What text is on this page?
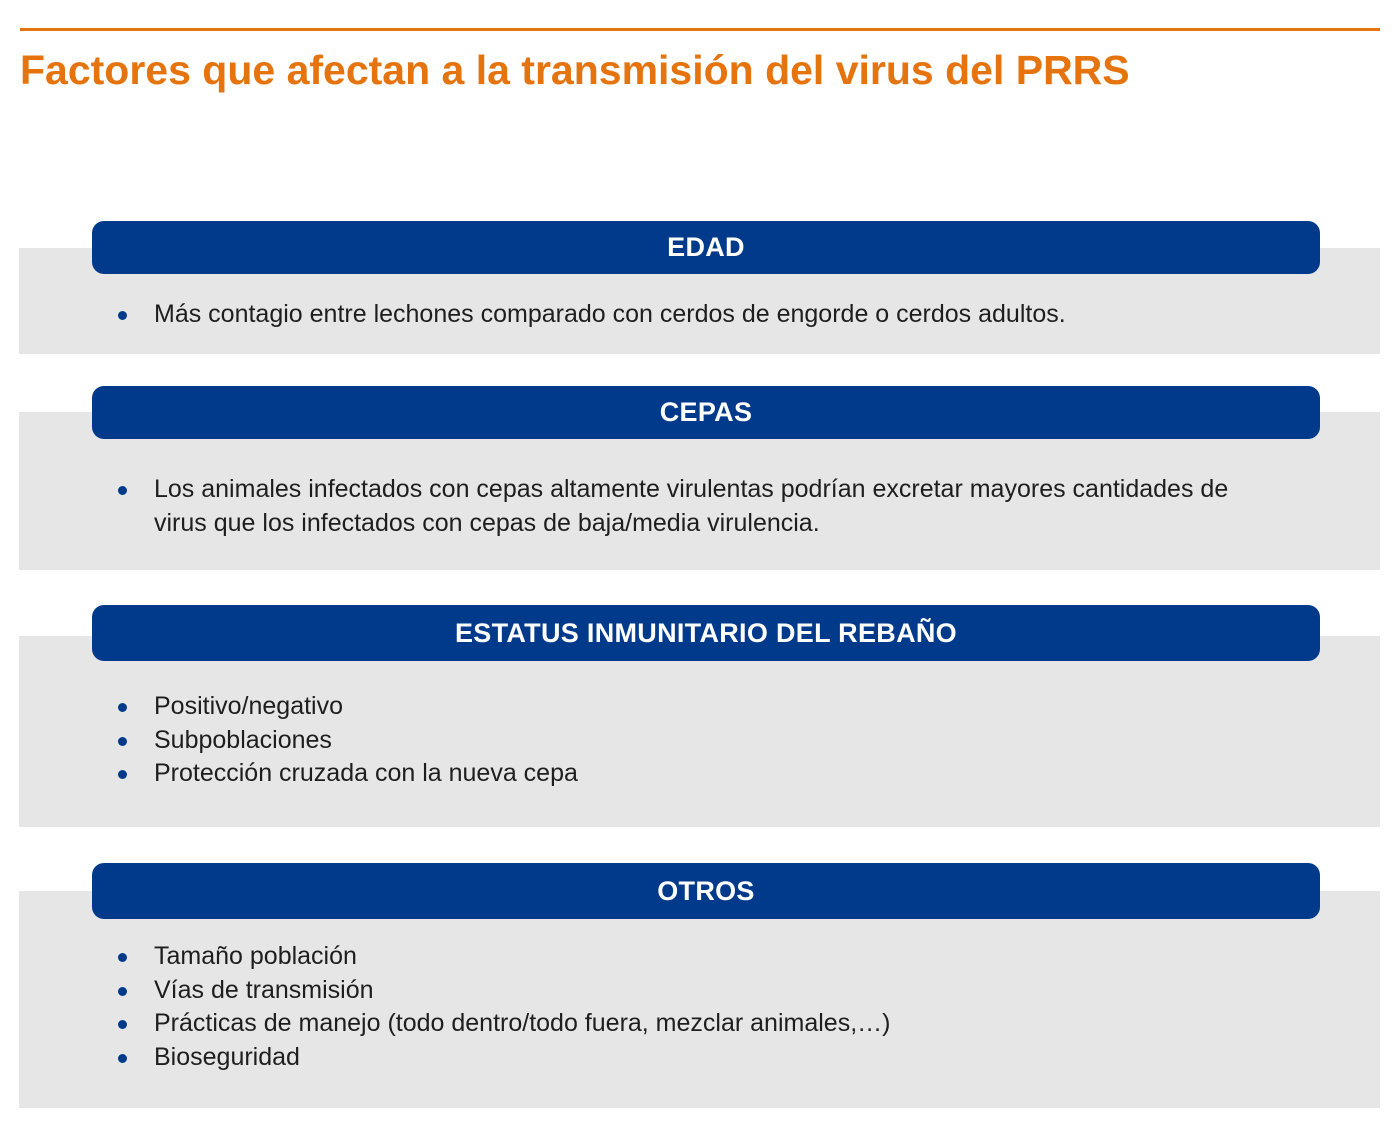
Factores que afectan a la transmisión del virus del PRRS
EDAD
Más contagio entre lechones comparado con cerdos de engorde o cerdos adultos.
CEPAS
Los animales infectados con cepas altamente virulentas podrían excretar mayores cantidades de virus que los infectados con cepas de baja/media virulencia.
ESTATUS INMUNITARIO DEL REBAÑO
Positivo/negativo
Subpoblaciones
Protección cruzada con la nueva cepa
OTROS
Tamaño población
Vías de transmisión
Prácticas de manejo (todo dentro/todo fuera, mezclar animales,…)
Bioseguridad
